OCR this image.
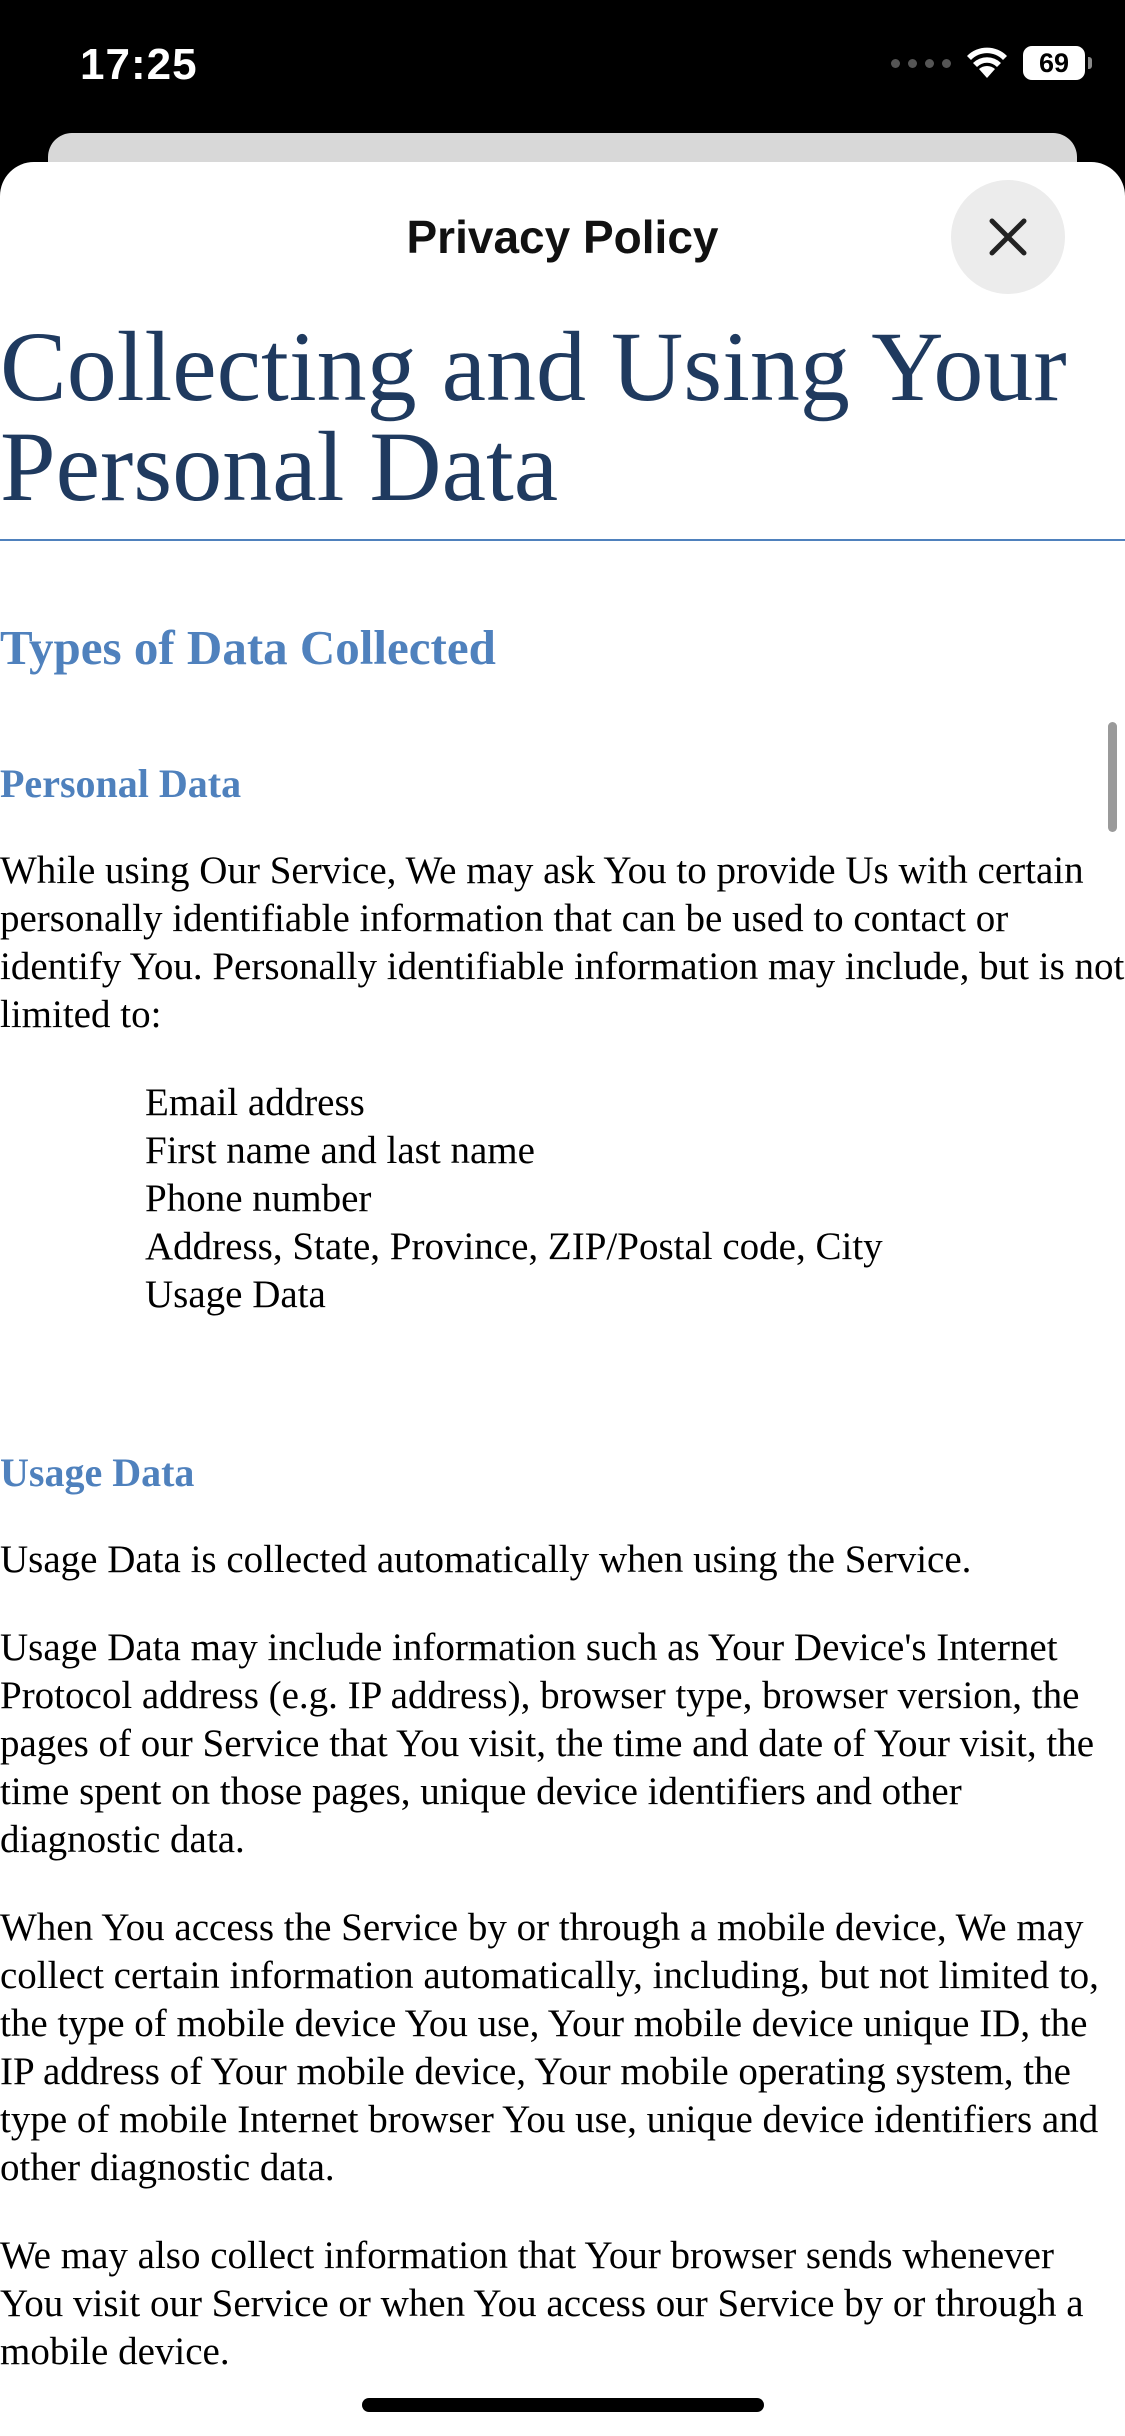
17:25	69
Privacy Policy
Collecting and Using Your Personal Data
Types of Data Collected
Personal Data

While using Our Service, We may ask You to provide Us with certain personally identifiable information that can be used to contact or identify You. Personally identifiable information may include, but is not limited to:

Email address
First name and last name
Phone number
Address, State, Province, ZIP/Postal code, City
Usage Data
Usage Data

Usage Data is collected automatically when using the Service.

Usage Data may include information such as Your Device's Internet Protocol address (e.g. IP address), browser type, browser version, the pages of our Service that You visit, the time and date of Your visit, the time spent on those pages, unique device identifiers and other diagnostic data.

When You access the Service by or through a mobile device, We may collect certain information automatically, including, but not limited to, the type of mobile device You use, Your mobile device unique ID, the IP address of Your mobile device, Your mobile operating system, the type of mobile Internet browser You use, unique device identifiers and other diagnostic data.

We may also collect information that Your browser sends whenever You visit our Service or when You access our Service by or through a mobile device.
